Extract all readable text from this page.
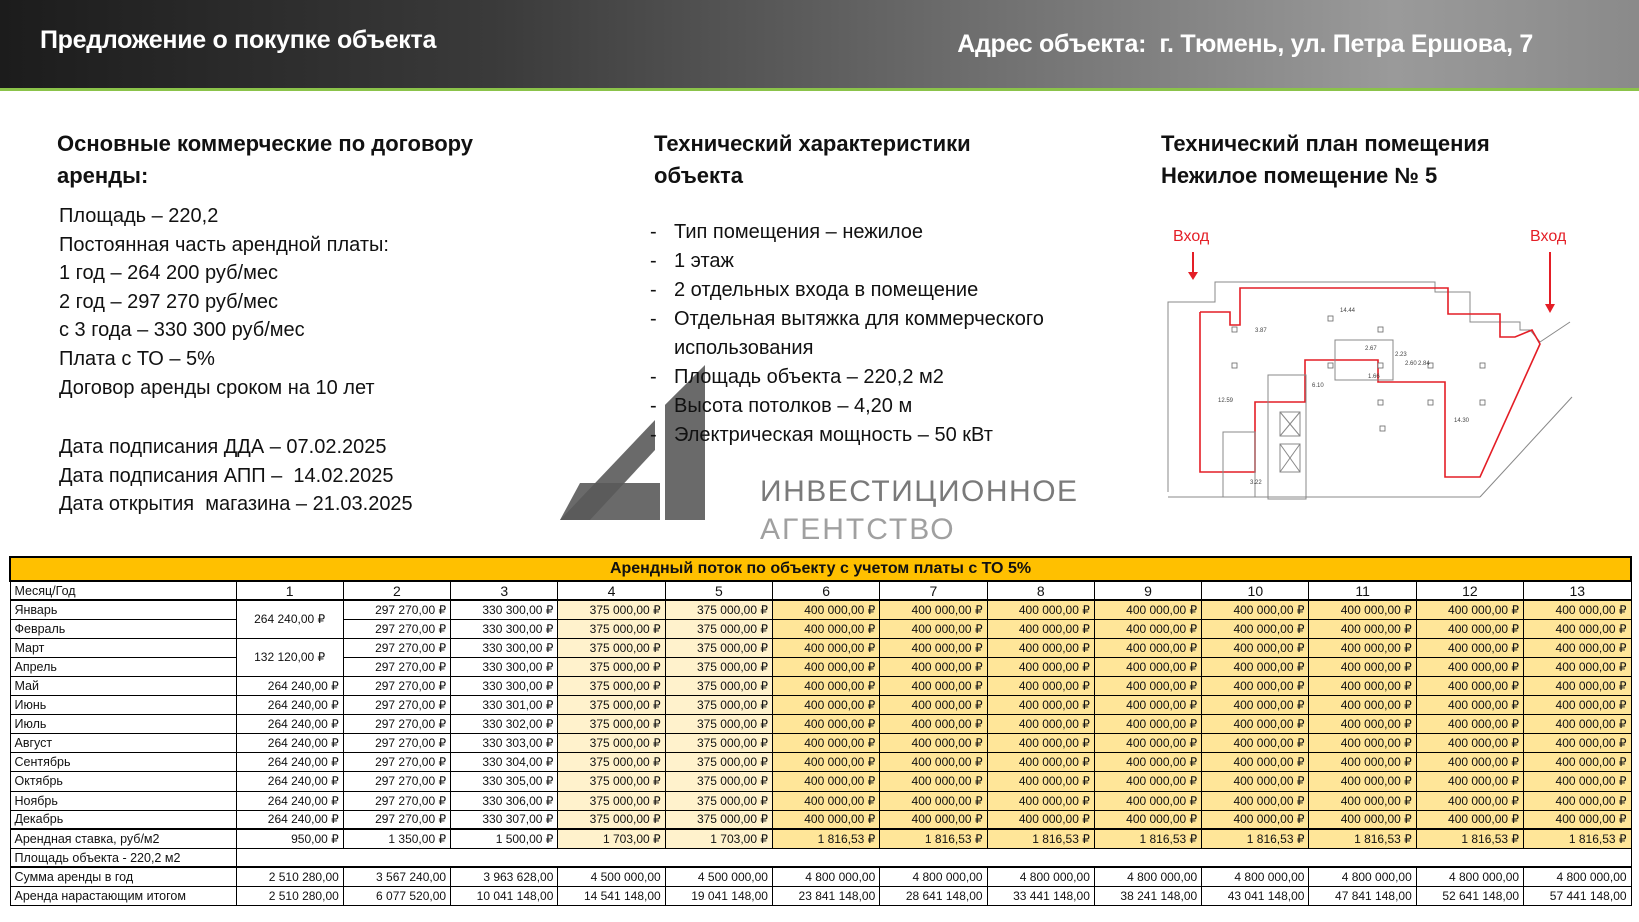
Предложение о покупке объекта	Адрес объекта:  г. Тюмень, ул. Петра Ершова, 7
Основные коммерческие по договору
аренды:
Площадь – 220,2
Постоянная часть арендной платы:
1 год – 264 200 руб/мес
2 год – 297 270 руб/мес
с 3 года – 330 300 руб/мес
Плата с ТО – 5%
Договор аренды сроком на 10 лет
Дата подписания ДДА – 07.02.2025
Дата подписания АПП –  14.02.2025
Дата открытия  магазина – 21.03.2025	ИНВЕСТИЦИОННОЕ
АГЕНТСТВО
Технический характеристики
объекта
- Тип помещения – нежилое
- 1 этаж
- 2 отдельных входа в помещение
- Отдельная вытяжка для коммерческого использования
- Площадь объекта – 220,2 м2
- Высота потолков – 4,20 м
- Электрическая мощность – 50 кВт
Технический план помещения
Нежилое помещение № 5
Вход	Вход
14.44
3.87
12.59
6.10
2.67
2.23
2.60 2.84
1.66
14.30
3.22
Арендный поток по объекту с учетом платы с ТО 5%													
Месяц/Год	1	2	3	4	5	6	7	8	9	10	11	12	13
Январь	264 240,00 ₽	297 270,00 ₽	330 300,00 ₽	375 000,00 ₽	375 000,00 ₽	400 000,00 ₽	400 000,00 ₽	400 000,00 ₽	400 000,00 ₽	400 000,00 ₽	400 000,00 ₽	400 000,00 ₽	400 000,00 ₽
Февраль		297 270,00 ₽	330 300,00 ₽	375 000,00 ₽	375 000,00 ₽	400 000,00 ₽	400 000,00 ₽	400 000,00 ₽	400 000,00 ₽	400 000,00 ₽	400 000,00 ₽	400 000,00 ₽	400 000,00 ₽
Март	132 120,00 ₽	297 270,00 ₽	330 300,00 ₽	375 000,00 ₽	375 000,00 ₽	400 000,00 ₽	400 000,00 ₽	400 000,00 ₽	400 000,00 ₽	400 000,00 ₽	400 000,00 ₽	400 000,00 ₽	400 000,00 ₽
Апрель		297 270,00 ₽	330 300,00 ₽	375 000,00 ₽	375 000,00 ₽	400 000,00 ₽	400 000,00 ₽	400 000,00 ₽	400 000,00 ₽	400 000,00 ₽	400 000,00 ₽	400 000,00 ₽	400 000,00 ₽
Май	264 240,00 ₽	297 270,00 ₽	330 300,00 ₽	375 000,00 ₽	375 000,00 ₽	400 000,00 ₽	400 000,00 ₽	400 000,00 ₽	400 000,00 ₽	400 000,00 ₽	400 000,00 ₽	400 000,00 ₽	400 000,00 ₽
Июнь	264 240,00 ₽	297 270,00 ₽	330 301,00 ₽	375 000,00 ₽	375 000,00 ₽	400 000,00 ₽	400 000,00 ₽	400 000,00 ₽	400 000,00 ₽	400 000,00 ₽	400 000,00 ₽	400 000,00 ₽	400 000,00 ₽
Июль	264 240,00 ₽	297 270,00 ₽	330 302,00 ₽	375 000,00 ₽	375 000,00 ₽	400 000,00 ₽	400 000,00 ₽	400 000,00 ₽	400 000,00 ₽	400 000,00 ₽	400 000,00 ₽	400 000,00 ₽	400 000,00 ₽
Август	264 240,00 ₽	297 270,00 ₽	330 303,00 ₽	375 000,00 ₽	375 000,00 ₽	400 000,00 ₽	400 000,00 ₽	400 000,00 ₽	400 000,00 ₽	400 000,00 ₽	400 000,00 ₽	400 000,00 ₽	400 000,00 ₽
Сентябрь	264 240,00 ₽	297 270,00 ₽	330 304,00 ₽	375 000,00 ₽	375 000,00 ₽	400 000,00 ₽	400 000,00 ₽	400 000,00 ₽	400 000,00 ₽	400 000,00 ₽	400 000,00 ₽	400 000,00 ₽	400 000,00 ₽
Октябрь	264 240,00 ₽	297 270,00 ₽	330 305,00 ₽	375 000,00 ₽	375 000,00 ₽	400 000,00 ₽	400 000,00 ₽	400 000,00 ₽	400 000,00 ₽	400 000,00 ₽	400 000,00 ₽	400 000,00 ₽	400 000,00 ₽
Ноябрь	264 240,00 ₽	297 270,00 ₽	330 306,00 ₽	375 000,00 ₽	375 000,00 ₽	400 000,00 ₽	400 000,00 ₽	400 000,00 ₽	400 000,00 ₽	400 000,00 ₽	400 000,00 ₽	400 000,00 ₽	400 000,00 ₽
Декабрь	264 240,00 ₽	297 270,00 ₽	330 307,00 ₽	375 000,00 ₽	375 000,00 ₽	400 000,00 ₽	400 000,00 ₽	400 000,00 ₽	400 000,00 ₽	400 000,00 ₽	400 000,00 ₽	400 000,00 ₽	400 000,00 ₽
Арендная ставка, руб/м2	950,00 ₽	1 350,00 ₽	1 500,00 ₽	1 703,00 ₽	1 703,00 ₽	1 816,53 ₽	1 816,53 ₽	1 816,53 ₽	1 816,53 ₽	1 816,53 ₽	1 816,53 ₽	1 816,53 ₽	1 816,53 ₽
Площадь объекта - 220,2 м2													
Сумма аренды в год	2 510 280,00	3 567 240,00	3 963 628,00	4 500 000,00	4 500 000,00	4 800 000,00	4 800 000,00	4 800 000,00	4 800 000,00	4 800 000,00	4 800 000,00	4 800 000,00	4 800 000,00
Аренда нарастающим итогом	2 510 280,00	6 077 520,00	10 041 148,00	14 541 148,00	19 041 148,00	23 841 148,00	28 641 148,00	33 441 148,00	38 241 148,00	43 041 148,00	47 841 148,00	52 641 148,00	57 441 148,00
